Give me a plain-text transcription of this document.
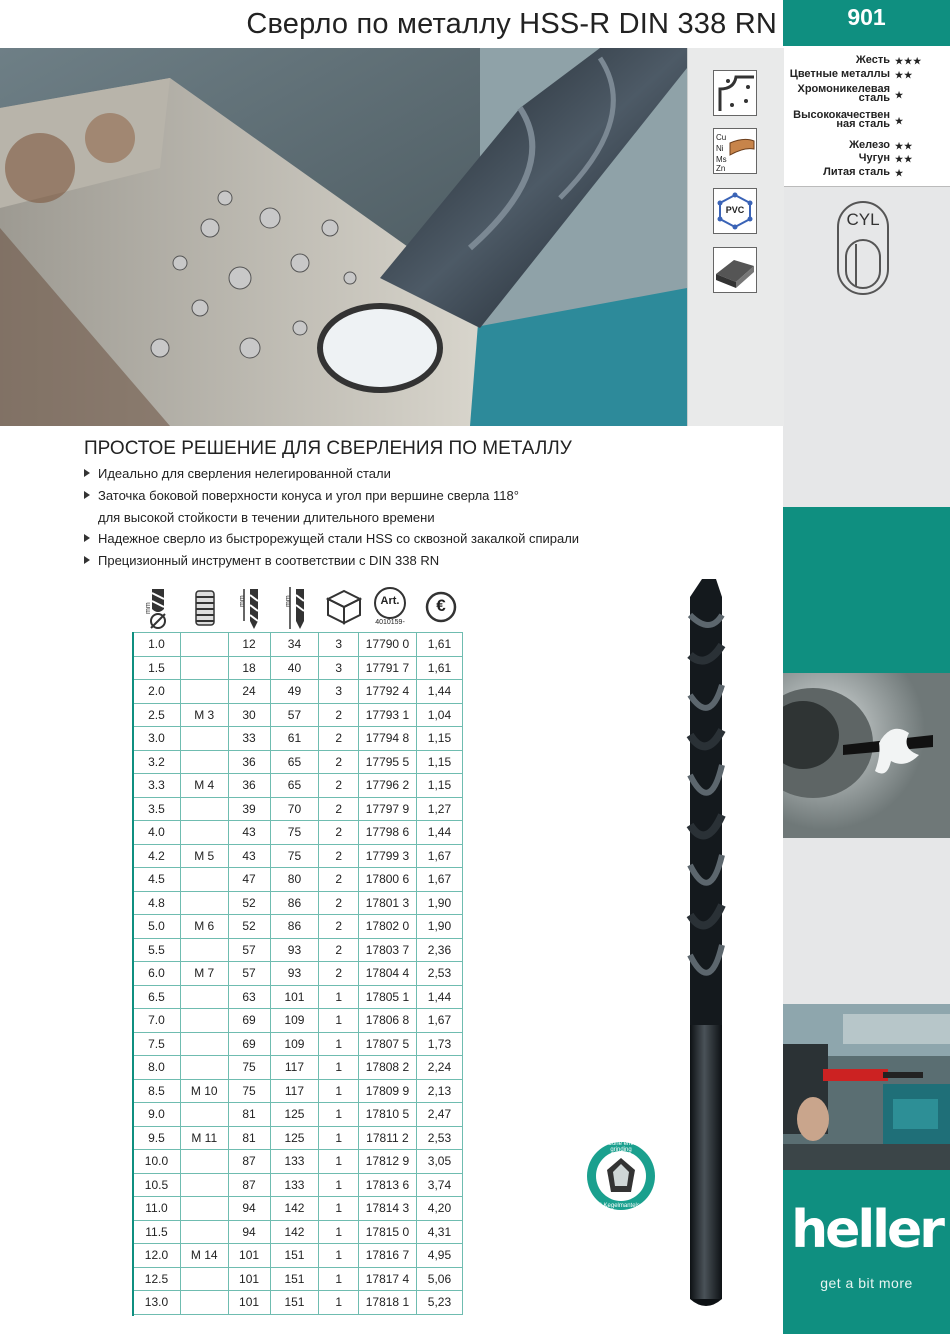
901
Жесть ★★★
Цветные металлы ★★
Хромоникелевая
сталь ★
Высококачествен
ная сталь ★
Железо ★★
Чугун ★★
Литая сталь ★
CYL
heller
get a bit more
Сверло по металлу HSS-R DIN 338 RN
Cu
Ni
Ms
Zn
PVC
ПРОСТОЕ РЕШЕНИЕ ДЛЯ СВЕРЛЕНИЯ ПО МЕТАЛЛУ
Идеально для сверления нелегированной стали
Заточка боковой поверхности конуса и угол при вершине сверла 118°
для высокой стойкости в течении длительного времени
Надежное сверло из быстрорежущей стали HSS со сквозной закалкой спирали
Прецизионный инструмент в соответствии с DIN 338 RN
mm
mm	mm	Art.
4010159-
€
1.0		12	34	3	17790 0	1,61
1.5		18	40	3	17791 7	1,61
2.0		24	49	3	17792 4	1,44
2.5	M 3	30	57	2	17793 1	1,04
3.0		33	61	2	17794 8	1,15
3.2		36	65	2	17795 5	1,15
3.3	M 4	36	65	2	17796 2	1,15
3.5		39	70	2	17797 9	1,27
4.0		43	75	2	17798 6	1,44
4.2	M 5	43	75	2	17799 3	1,67
4.5		47	80	2	17800 6	1,67
4.8		52	86	2	17801 3	1,90
5.0	M 6	52	86	2	17802 0	1,90
5.5		57	93	2	17803 7	2,36
6.0	M 7	57	93	2	17804 4	2,53
6.5		63	101	1	17805 1	1,44
7.0		69	109	1	17806 8	1,67
7.5		69	109	1	17807 5	1,73
8.0		75	117	1	17808 2	2,24
8.5	M 10	75	117	1	17809 9	2,13
9.0		81	125	1	17810 5	2,47
9.5	M 11	81	125	1	17811 2	2,53
10.0		87	133	1	17812 9	3,05
10.5		87	133	1	17813 6	3,74
11.0		94	142	1	17814 3	4,20
11.5		94	142	1	17815 0	4,31
12.0	M 14	101	151	1	17816 7	4,95
12.5		101	151	1	17817 4	5,06
13.0		101	151	1	17818 1	5,23
118° Cone envelope grinding
118° Kegelmantelschliff
